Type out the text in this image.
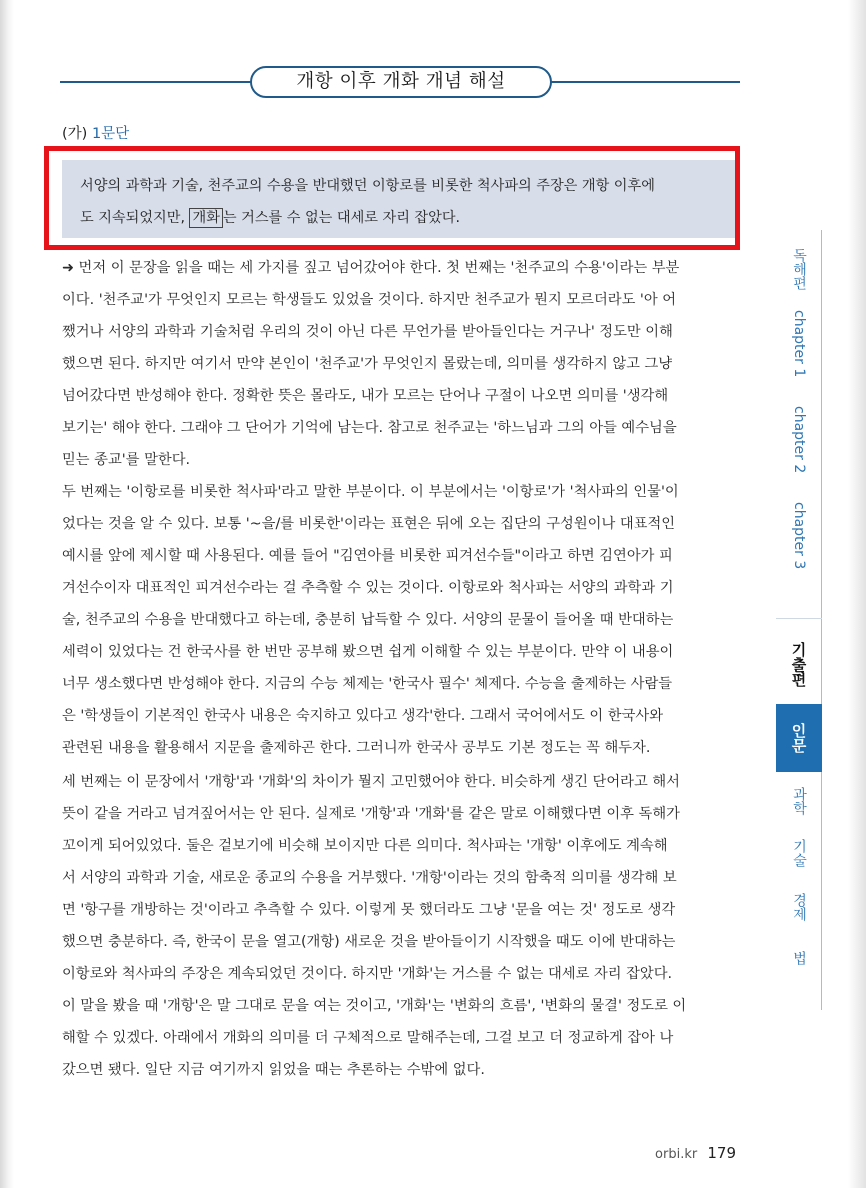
개항 이후 개화 개념 해설
(가) 1문단
서양의 과학과 기술, 천주교의 수용을 반대했던 이항로를 비롯한 척사파의 주장은 개항 이후에
도 지속되었지만, 개화 는 거스를 수 없는 대세로 자리 잡았다.
➜ 먼저 이 문장을 읽을 때는 세 가지를 짚고 넘어갔어야 한다. 첫 번째는 '천주교의 수용'이라는 부분
이다. '천주교'가 무엇인지 모르는 학생들도 있었을 것이다. 하지만 천주교가 뭔지 모르더라도 '아 어
쨌거나 서양의 과학과 기술처럼 우리의 것이 아닌 다른 무언가를 받아들인다는 거구나' 정도만 이해
했으면 된다. 하지만 여기서 만약 본인이 '천주교'가 무엇인지 몰랐는데, 의미를 생각하지 않고 그냥
넘어갔다면 반성해야 한다. 정확한 뜻은 몰라도, 내가 모르는 단어나 구절이 나오면 의미를 '생각해
보기는' 해야 한다. 그래야 그 단어가 기억에 남는다. 참고로 천주교는 '하느님과 그의 아들 예수님을
믿는 종교'를 말한다.
두 번째는 '이항로를 비롯한 척사파'라고 말한 부분이다. 이 부분에서는 '이항로'가 '척사파의 인물'이
었다는 것을 알 수 있다. 보통 '~을/를 비롯한'이라는 표현은 뒤에 오는 집단의 구성원이나 대표적인
예시를 앞에 제시할 때 사용된다. 예를 들어 "김연아를 비롯한 피겨선수들"이라고 하면 김연아가 피
겨선수이자 대표적인 피겨선수라는 걸 추측할 수 있는 것이다. 이항로와 척사파는 서양의 과학과 기
술, 천주교의 수용을 반대했다고 하는데, 충분히 납득할 수 있다. 서양의 문물이 들어올 때 반대하는
세력이 있었다는 건 한국사를 한 번만 공부해 봤으면 쉽게 이해할 수 있는 부분이다. 만약 이 내용이
너무 생소했다면 반성해야 한다. 지금의 수능 체제는 '한국사 필수' 체제다. 수능을 출제하는 사람들
은 '학생들이 기본적인 한국사 내용은 숙지하고 있다고 생각'한다. 그래서 국어에서도 이 한국사와
관련된 내용을 활용해서 지문을 출제하곤 한다. 그러니까 한국사 공부도 기본 정도는 꼭 해두자.
세 번째는 이 문장에서 '개항'과 '개화'의 차이가 뭘지 고민했어야 한다. 비슷하게 생긴 단어라고 해서
뜻이 같을 거라고 넘겨짚어서는 안 된다. 실제로 '개항'과 '개화'를 같은 말로 이해했다면 이후 독해가
꼬이게 되어있었다. 둘은 겉보기에 비슷해 보이지만 다른 의미다. 척사파는 '개항' 이후에도 계속해
서 서양의 과학과 기술, 새로운 종교의 수용을 거부했다. '개항'이라는 것의 함축적 의미를 생각해 보
면 '항구를 개방하는 것'이라고 추측할 수 있다. 이렇게 못 했더라도 그냥 '문을 여는 것' 정도로 생각
했으면 충분하다. 즉, 한국이 문을 열고(개항) 새로운 것을 받아들이기 시작했을 때도 이에 반대하는
이항로와 척사파의 주장은 계속되었던 것이다. 하지만 '개화'는 거스를 수 없는 대세로 자리 잡았다.
이 말을 봤을 때 '개항'은 말 그대로 문을 여는 것이고, '개화'는 '변화의 흐름', '변화의 물결' 정도로 이
해할 수 있겠다. 아래에서 개화의 의미를 더 구체적으로 말해주는데, 그걸 보고 더 정교하게 잡아 나
갔으면 됐다. 일단 지금 여기까지 읽었을 때는 추론하는 수밖에 없다.
독해편
chapter 1
chapter 2
chapter 3
기출편
인문
과학
기술
경제
법
orbi.kr 179
